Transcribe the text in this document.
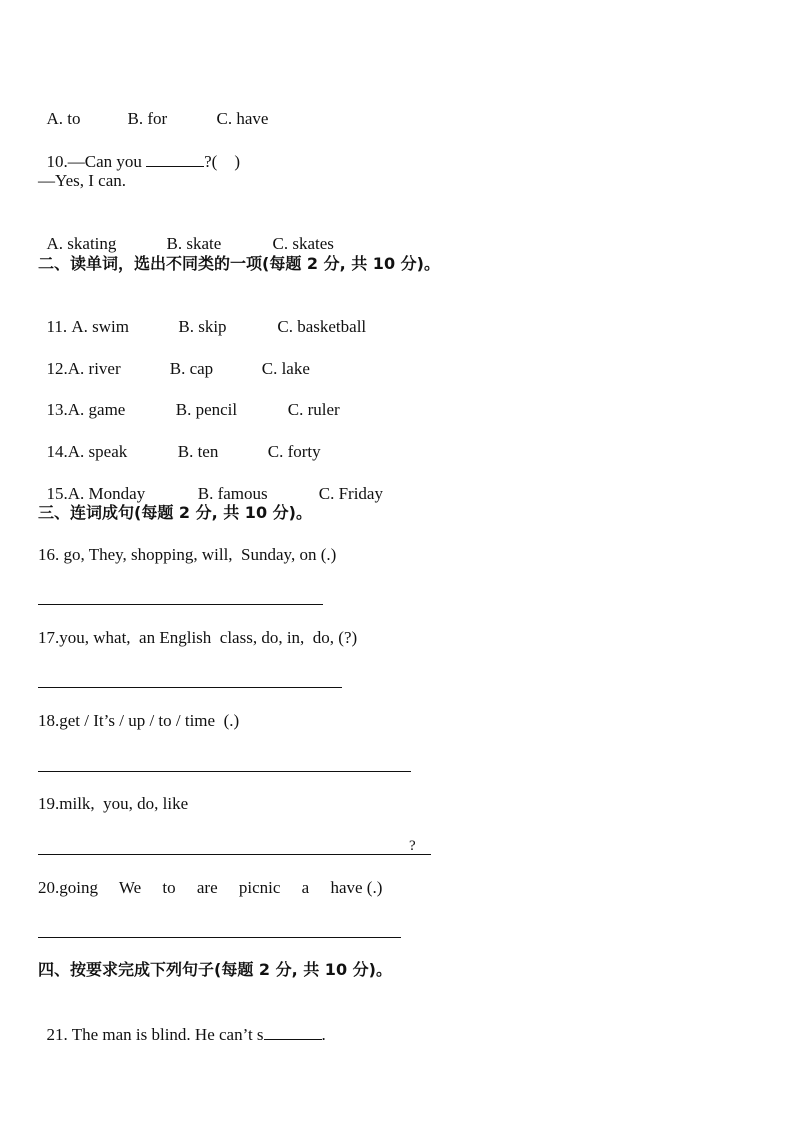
A. to	B. for	C. have

10.—Can you	?(    )

—Yes, I can.

A. skating	B. skate	C. skates

二、读单词，选出不同类的一项(每题 2 分, 共 10 分)。

11. A. swim	B. skip	C. basketball

12.A. river	B. cap	C. lake

13.A. game	B. pencil	C. ruler

14.A. speak	B. ten	C. forty

15.A. Monday	B. famous	C. Friday

三、连词成句(每题 2 分, 共 10 分)。
16. go, They, shopping, will,  Sunday, on (.)
17.you, what,  an English  class, do, in,  do, (?)
18.get / It’s / up / to / time  (.)
19.milk,  you, do, like
?
20.going     We     to     are     picnic     a     have (.)
四、按要求完成下列句子(每题 2 分, 共 10 分)。

21. The man is blind. He can’t s	.
